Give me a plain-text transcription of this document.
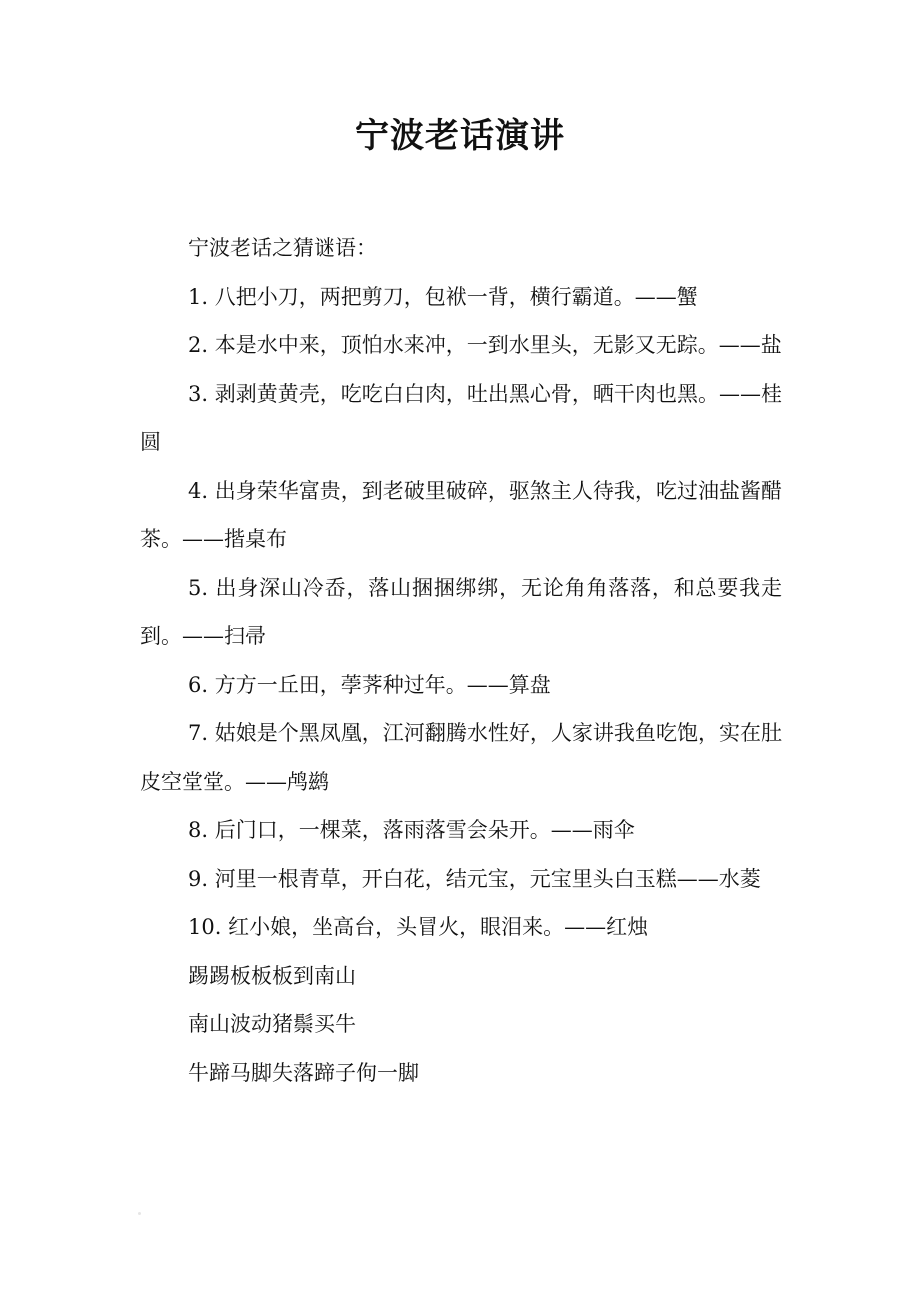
宁波老话演讲

宁波老话之猜谜语：

1. 八把小刀，两把剪刀，包袱一背，横行霸道。——蟹

2. 本是水中来，顶怕水来冲，一到水里头，无影又无踪。——盐

3. 剥剥黄黄壳，吃吃白白肉，吐出黑心骨，晒干肉也黑。——桂圆

4. 出身荣华富贵，到老破里破碎，驱煞主人待我，吃过油盐酱醋茶。——揩桌布

5. 出身深山冷岙，落山捆捆绑绑，无论角角落落，和总要我走到。——扫帚

6. 方方一丘田，荸荠种过年。——算盘

7. 姑娘是个黑凤凰，江河翻腾水性好，人家讲我鱼吃饱，实在肚皮空堂堂。——鸬鹚

8. 后门口，一棵菜，落雨落雪会朵开。——雨伞

9. 河里一根青草，开白花，结元宝，元宝里头白玉糕——水菱

10. 红小娘，坐高台，头冒火，眼泪来。——红烛

踢踢板板板到南山

南山波动猪鬃买牛

牛蹄马脚失落蹄子佝一脚
